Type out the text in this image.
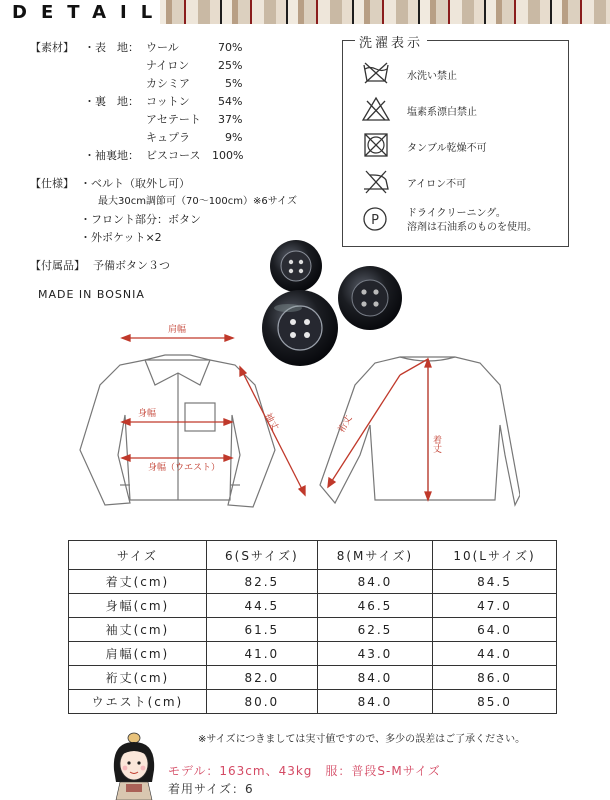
DETAIL
【素材】 ・表　地： ウール	70%
ナイロン	25%
カシミア	5%
・裏　地： コットン	54%
アセテート 37%
キュプラ	9%
・袖裏地： ビスコース 100%
【仕様】 ・ベルト（取外し可）
最大30cm調節可（70〜100cm）※6サイズ
・フロント部分：ボタン
・外ポケット×2
【付属品】 予備ボタン３つ
MADE IN BOSNIA
洗濯表示
水洗い禁止
塩素系漂白禁止
タンブル乾燥不可
アイロン不可
P	ドライクリーニング。
溶剤は石油系のものを使用。
肩幅
身幅
身幅（ウエスト）
袖丈	裄丈
着丈
サイズ	6(Sサイズ)	8(Mサイズ)	10(Lサイズ)
着丈(cm)	82.5	84.0	84.5
身幅(cm)	44.5	46.5	47.0
袖丈(cm)	61.5	62.5	64.0
肩幅(cm)	41.0	43.0	44.0
裄丈(cm)	82.0	84.0	86.0
ウエスト(cm)	80.0	84.0	85.0
※サイズにつきましては実寸値ですので、多少の誤差はご了承ください。
モデル：163cm、43kg　服：普段S-Mサイズ
着用サイズ：6
